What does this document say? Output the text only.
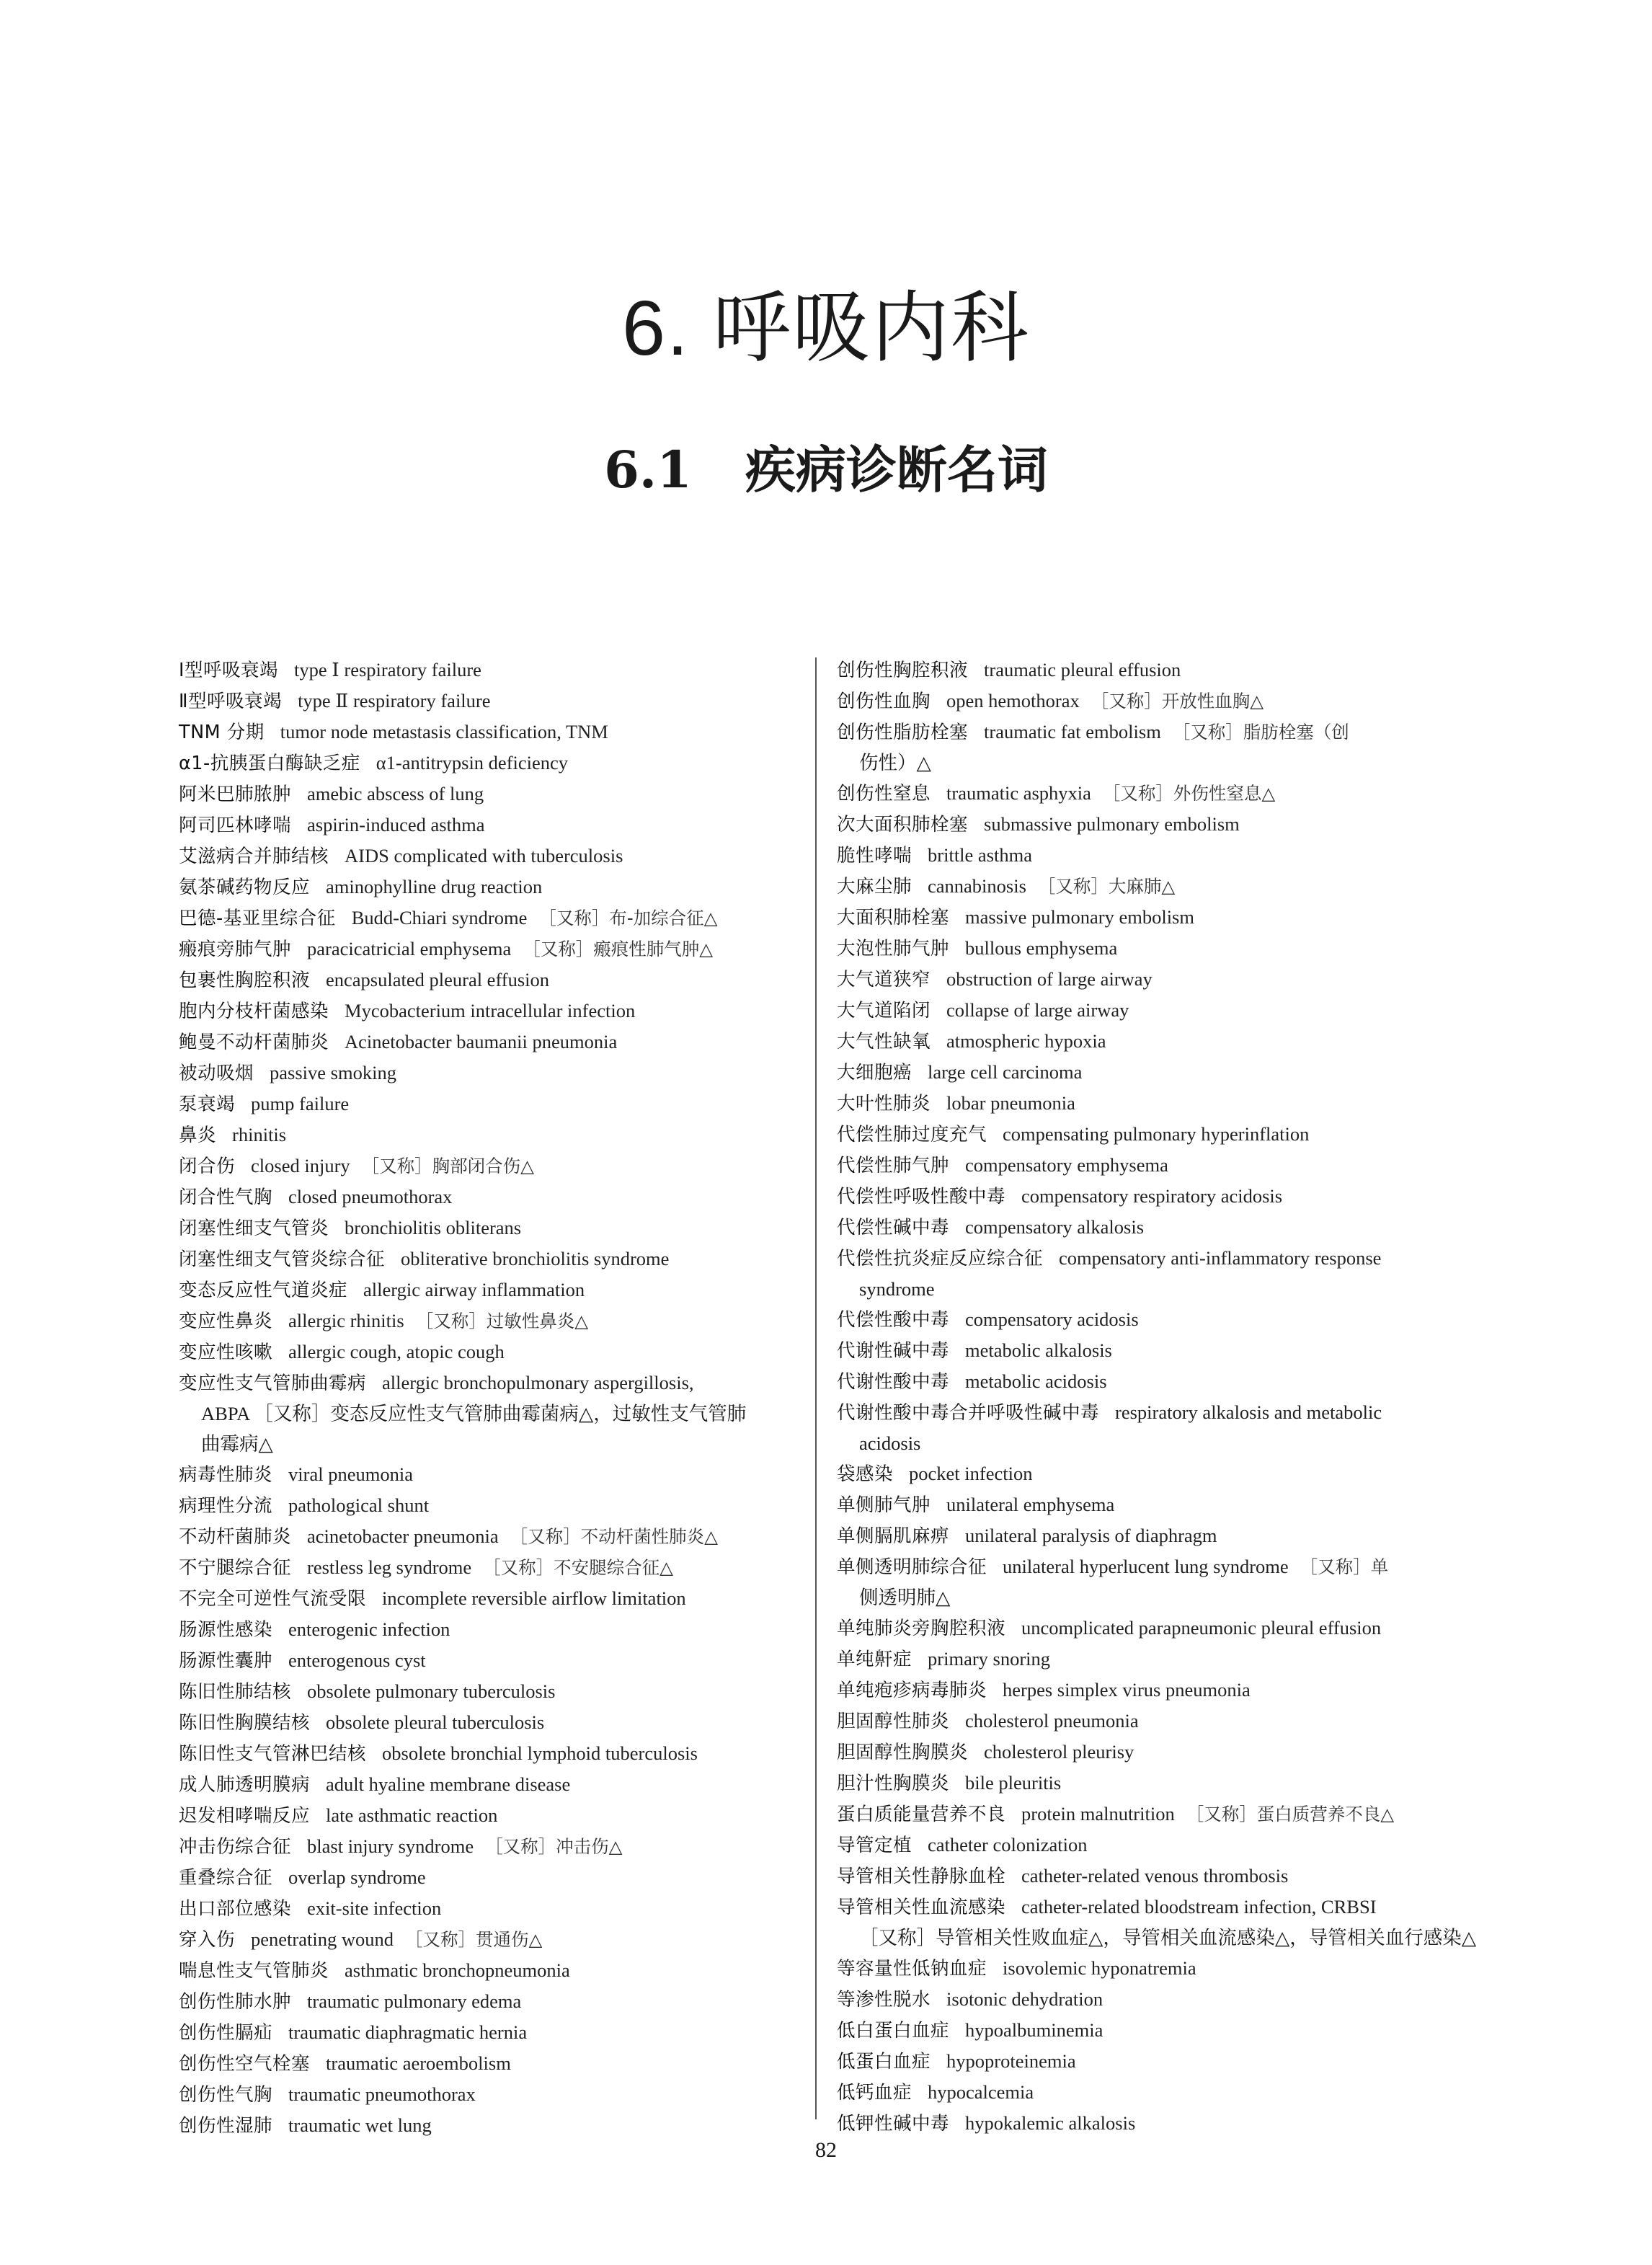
6. 呼吸内科
6.1 疾病诊断名词
Ⅰ型呼吸衰竭 type Ⅰ respiratory failure
Ⅱ型呼吸衰竭 type Ⅱ respiratory failure
TNM 分期 tumor node metastasis classification, TNM
α1-抗胰蛋白酶缺乏症 α1-antitrypsin deficiency
阿米巴肺脓肿 amebic abscess of lung
阿司匹林哮喘 aspirin-induced asthma
艾滋病合并肺结核 AIDS complicated with tuberculosis
氨茶碱药物反应 aminophylline drug reaction
巴德-基亚里综合征 Budd-Chiari syndrome ［又称］布-加综合征△
瘢痕旁肺气肿 paracicatricial emphysema ［又称］瘢痕性肺气肿△
包裹性胸腔积液 encapsulated pleural effusion
胞内分枝杆菌感染 Mycobacterium intracellular infection
鲍曼不动杆菌肺炎 Acinetobacter baumanii pneumonia
被动吸烟 passive smoking
泵衰竭 pump failure
鼻炎 rhinitis
闭合伤 closed injury ［又称］胸部闭合伤△
闭合性气胸 closed pneumothorax
闭塞性细支气管炎 bronchiolitis obliterans
闭塞性细支气管炎综合征 obliterative bronchiolitis syndrome
变态反应性气道炎症 allergic airway inflammation
变应性鼻炎 allergic rhinitis ［又称］过敏性鼻炎△
变应性咳嗽 allergic cough, atopic cough
变应性支气管肺曲霉病 allergic bronchopulmonary aspergillosis,
ABPA ［又称］变态反应性支气管肺曲霉菌病△，过敏性支气管肺
曲霉病△
病毒性肺炎 viral pneumonia
病理性分流 pathological shunt
不动杆菌肺炎 acinetobacter pneumonia ［又称］不动杆菌性肺炎△
不宁腿综合征 restless leg syndrome ［又称］不安腿综合征△
不完全可逆性气流受限 incomplete reversible airflow limitation
肠源性感染 enterogenic infection
肠源性囊肿 enterogenous cyst
陈旧性肺结核 obsolete pulmonary tuberculosis
陈旧性胸膜结核 obsolete pleural tuberculosis
陈旧性支气管淋巴结核 obsolete bronchial lymphoid tuberculosis
成人肺透明膜病 adult hyaline membrane disease
迟发相哮喘反应 late asthmatic reaction
冲击伤综合征 blast injury syndrome ［又称］冲击伤△
重叠综合征 overlap syndrome
出口部位感染 exit-site infection
穿入伤 penetrating wound ［又称］贯通伤△
喘息性支气管肺炎 asthmatic bronchopneumonia
创伤性肺水肿 traumatic pulmonary edema
创伤性膈疝 traumatic diaphragmatic hernia
创伤性空气栓塞 traumatic aeroembolism
创伤性气胸 traumatic pneumothorax
创伤性湿肺 traumatic wet lung
创伤性胸腔积液 traumatic pleural effusion
创伤性血胸 open hemothorax ［又称］开放性血胸△
创伤性脂肪栓塞 traumatic fat embolism ［又称］脂肪栓塞（创
伤性）△
创伤性窒息 traumatic asphyxia ［又称］外伤性窒息△
次大面积肺栓塞 submassive pulmonary embolism
脆性哮喘 brittle asthma
大麻尘肺 cannabinosis ［又称］大麻肺△
大面积肺栓塞 massive pulmonary embolism
大泡性肺气肿 bullous emphysema
大气道狭窄 obstruction of large airway
大气道陷闭 collapse of large airway
大气性缺氧 atmospheric hypoxia
大细胞癌 large cell carcinoma
大叶性肺炎 lobar pneumonia
代偿性肺过度充气 compensating pulmonary hyperinflation
代偿性肺气肿 compensatory emphysema
代偿性呼吸性酸中毒 compensatory respiratory acidosis
代偿性碱中毒 compensatory alkalosis
代偿性抗炎症反应综合征 compensatory anti-inflammatory response
syndrome
代偿性酸中毒 compensatory acidosis
代谢性碱中毒 metabolic alkalosis
代谢性酸中毒 metabolic acidosis
代谢性酸中毒合并呼吸性碱中毒 respiratory alkalosis and metabolic
acidosis
袋感染 pocket infection
单侧肺气肿 unilateral emphysema
单侧膈肌麻痹 unilateral paralysis of diaphragm
单侧透明肺综合征 unilateral hyperlucent lung syndrome ［又称］单
侧透明肺△
单纯肺炎旁胸腔积液 uncomplicated parapneumonic pleural effusion
单纯鼾症 primary snoring
单纯疱疹病毒肺炎 herpes simplex virus pneumonia
胆固醇性肺炎 cholesterol pneumonia
胆固醇性胸膜炎 cholesterol pleurisy
胆汁性胸膜炎 bile pleuritis
蛋白质能量营养不良 protein malnutrition ［又称］蛋白质营养不良△
导管定植 catheter colonization
导管相关性静脉血栓 catheter-related venous thrombosis
导管相关性血流感染 catheter-related bloodstream infection, CRBSI
［又称］导管相关性败血症△，导管相关血流感染△，导管相关血行感染△
等容量性低钠血症 isovolemic hyponatremia
等渗性脱水 isotonic dehydration
低白蛋白血症 hypoalbuminemia
低蛋白血症 hypoproteinemia
低钙血症 hypocalcemia
低钾性碱中毒 hypokalemic alkalosis
82
